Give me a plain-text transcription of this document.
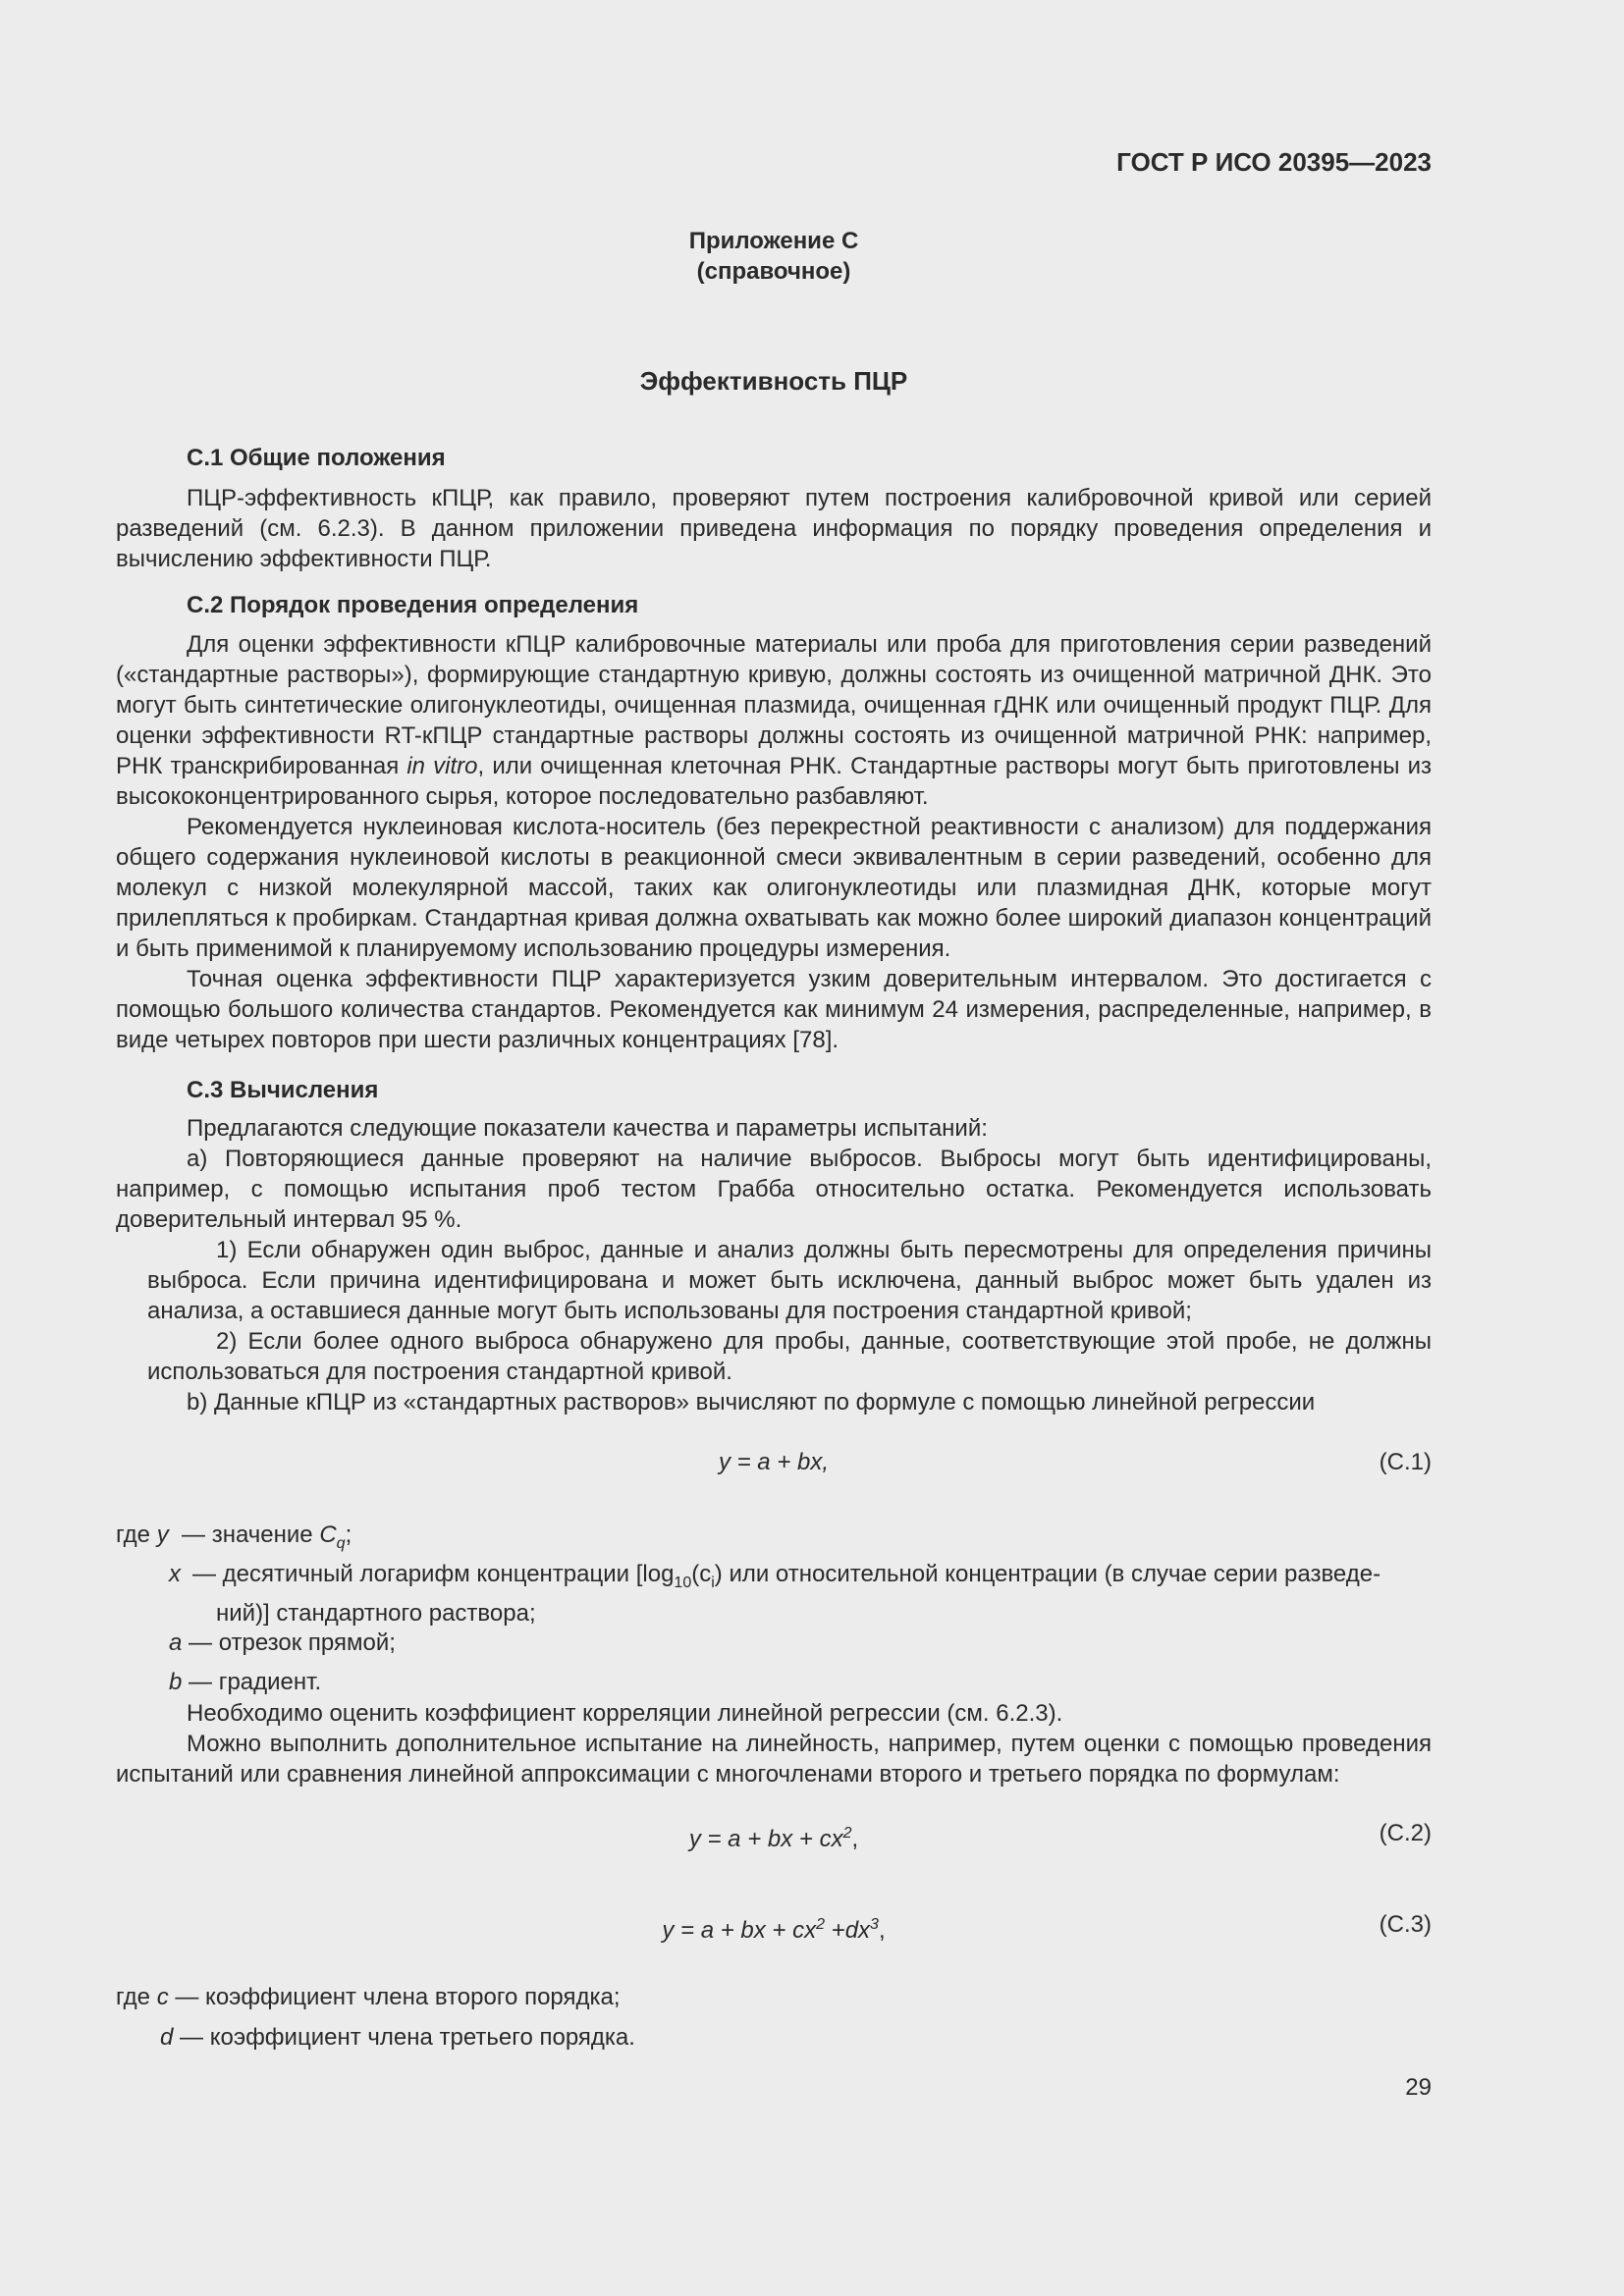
ГОСТ Р ИСО 20395—2023
Приложение С
(справочное)
Эффективность ПЦР
С.1 Общие положения

ПЦР-эффективность кПЦР, как правило, проверяют путем построения калибровочной кривой или серией разведений (см. 6.2.3). В данном приложении приведена информация по порядку проведения определения и вычислению эффективности ПЦР.

С.2 Порядок проведения определения

Для оценки эффективности кПЦР калибровочные материалы или проба для приготовления серии разведений («стандартные растворы»), формирующие стандартную кривую, должны состоять из очищенной матричной ДНК. Это могут быть синтетические олигонуклеотиды, очищенная плазмида, очищенная гДНК или очищенный продукт ПЦР. Для оценки эффективности RT-кПЦР стандартные растворы должны состоять из очищенной матричной РНК: например, РНК транскрибированная in vitro, или очищенная клеточная РНК. Стандартные растворы могут быть приготовлены из высококонцентрированного сырья, которое последовательно разбавляют.

Рекомендуется нуклеиновая кислота-носитель (без перекрестной реактивности с анализом) для поддержания общего содержания нуклеиновой кислоты в реакционной смеси эквивалентным в серии разведений, особенно для молекул с низкой молекулярной массой, таких как олигонуклеотиды или плазмидная ДНК, которые могут прилепляться к пробиркам. Стандартная кривая должна охватывать как можно более широкий диапазон концентраций и быть применимой к планируемому использованию процедуры измерения.

Точная оценка эффективности ПЦР характеризуется узким доверительным интервалом. Это достигается с помощью большого количества стандартов. Рекомендуется как минимум 24 измерения, распределенные, например, в виде четырех повторов при шести различных концентрациях [78].

С.3 Вычисления

Предлагаются следующие показатели качества и параметры испытаний:

a) Повторяющиеся данные проверяют на наличие выбросов. Выбросы могут быть идентифицированы, например, с помощью испытания проб тестом Грабба относительно остатка. Рекомендуется использовать доверительный интервал 95 %.

1) Если обнаружен один выброс, данные и анализ должны быть пересмотрены для определения причины выброса. Если причина идентифицирована и может быть исключена, данный выброс может быть удален из анализа, а оставшиеся данные могут быть использованы для построения стандартной кривой;

2) Если более одного выброса обнаружено для пробы, данные, соответствующие этой пробе, не должны использоваться для построения стандартной кривой.

b) Данные кПЦР из «стандартных растворов» вычисляют по формуле с помощью линейной регрессии

y = a + bx,	(C.1)
где y — значение $C_q$;
x — десятичный логарифм концентрации [$\log_{10}(c_i)$ или относительной концентрации (в случае серии разведе-
ний)] стандартного раствора;
a — отрезок прямой;
b — градиент.

Необходимо оценить коэффициент корреляции линейной регрессии (см. 6.2.3).

Можно выполнить дополнительное испытание на линейность, например, путем оценки с помощью проведения испытаний или сравнения линейной аппроксимации с многочленами второго и третьего порядка по формулам:

y = a + bx + $cx^2$,	(C.2)
y = a + bx + $cx^2 +dx^3$,	(C.3)
где c — коэффициент члена второго порядка;
d — коэффициент члена третьего порядка.
29
